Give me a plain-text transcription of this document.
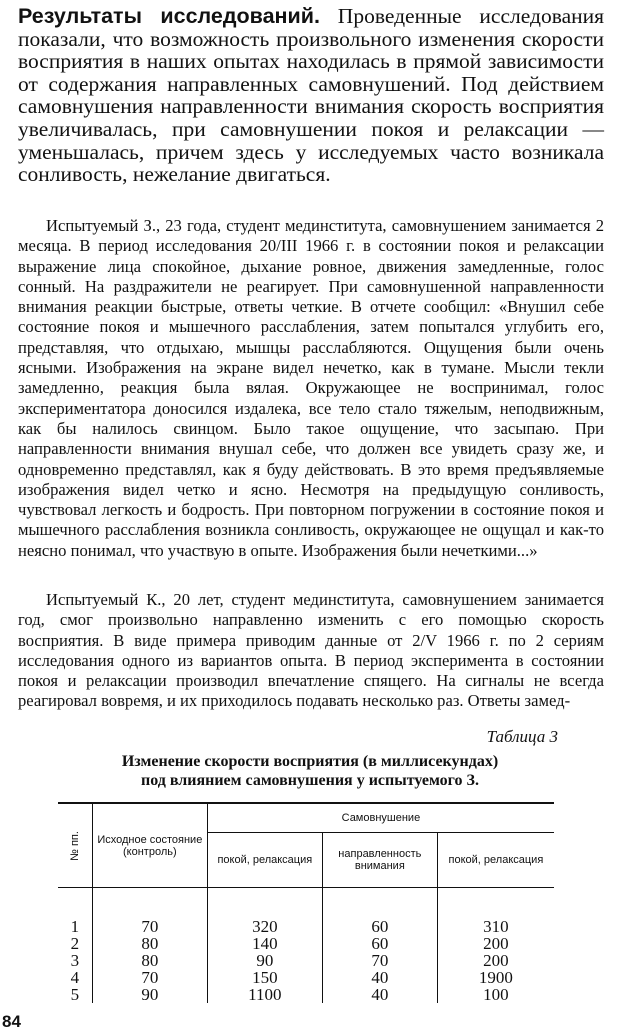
Результаты исследований. Проведенные исследования показали, что возможность произвольного изменения скорости восприятия в наших опытах находилась в прямой зависимости от содержания направленных самовнушений. Под действием самовнушения направленности внимания скорость восприятия увеличивалась, при самовнушении покоя и релаксации — уменьшалась, причем здесь у исследуемых часто возникала сонливость, нежелание двигаться.

Испытуемый З., 23 года, студент мединститута, самовнушением занимается 2 месяца. В период исследования 20/III 1966 г. в состоянии покоя и релаксации выражение лица спокойное, дыхание ровное, движения замедленные, голос сонный. На раздражители не реагирует. При самовнушенной направленности внимания реакции быстрые, ответы четкие. В отчете сообщил: «Внушил себе состояние покоя и мышечного расслабления, затем попытался углубить его, представляя, что отдыхаю, мышцы расслабляются. Ощущения были очень ясными. Изображения на экране видел нечетко, как в тумане. Мысли текли замедленно, реакция была вялая. Окружающее не воспринимал, голос экспериментатора доносился издалека, все тело стало тяжелым, неподвижным, как бы налилось свинцом. Было такое ощущение, что засыпаю. При направленности внимания внушал себе, что должен все увидеть сразу же, и одновременно представлял, как я буду действовать. В это время предъявляемые изображения видел четко и ясно. Несмотря на предыдущую сонливость, чувствовал легкость и бодрость. При повторном погружении в состояние покоя и мышечного расслабления возникла сонливость, окружающее не ощущал и как-то неясно понимал, что участвую в опыте. Изображения были нечеткими...»

Испытуемый К., 20 лет, студент мединститута, самовнушением занимается год, смог произвольно направленно изменить с его помощью скорость восприятия. В виде примера приводим данные от 2/V 1966 г. по 2 сериям исследования одного из вариантов опыта. В период эксперимента в состоянии покоя и релаксации производил впечатление спящего. На сигналы не всегда реагировал вовремя, и их приходилось подавать несколько раз. Ответы замед-

Таблица 3
Изменение скорости восприятия (в миллисекундах)
под влиянием самовнушения у испытуемого З.
№ пп.	Исходное состояние (контроль)	Самовнушение		
		покой, релаксация	направленность внимания	покой, релаксация
1	70	320	60	310
2	80	140	60	200
3	80	90	70	200
4	70	150	40	1900
5	90	1100	40	100
84
